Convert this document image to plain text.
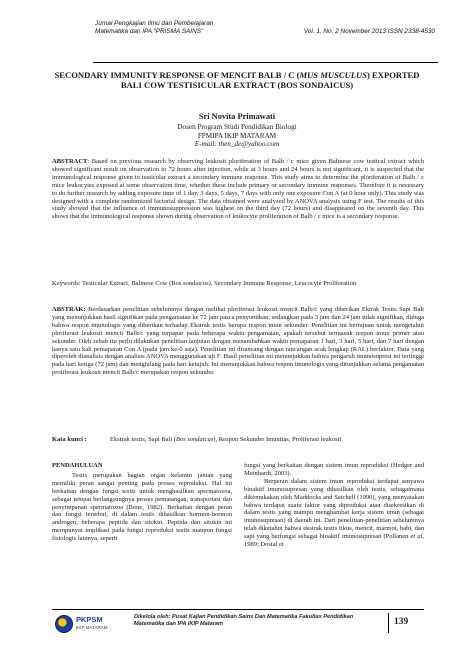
Jurnal Pengkajian Ilmu dan Pembelajaran
Matematika dan IPA “PRISMA SAINS”	Vol. 1. No. 2 November 2013 ISSN 2338-4530
SECONDARY IMMUNITY RESPONSE OF MENCIT BALB / C (MUS MUSCULUS) EXPORTED BALI COW TESTISICULAR EXTRACT (BOS SONDAICUS)
Sri Novita Primawati
Dosen Program Studi Pendidikan Biologi
FPMIPA IKIP MATARAM
E-mail: then_de@yahoo.com
ABSTRACT: Based on previous research by observing leukosit ploriferation of Balb / c mice given Balinese cow testical extract which showed significant result on observation to 72 hours after injection, while at 3 hours and 24 hours is not significant, it is suspected that the immunological response given to testicular extract a secondary immune response. This study aims to determine the ploriferation of Balb / c mice leukocytes exposed at some observation time, whether these include primary or secondary immune responses. Therefore it is necessary to do further research by adding exposure time of 1 day, 3 days, 5 days, 7 days with only one exposure Con A (at 0 hour only). This study was designed with a complete randomized factorial design. The data obtained were analyzed by ANOVA analysis using F test. The results of this study showed that the influence of immunosuppression was highest on the third day (72 hours) and disappeared on the seventh day. This shows that the immunological response shown during observation of leukocyte proliferation of Balb / c mice is a secondary response.
Keywords: Testicular Extract, Balinese Cow (Bos sondaicus), Secondary Immune Response, Leucocyte Proliferation
ABSTRAK: Berdasarkan penelitian sebelumnya dengan melihat ploriferasi leukosit mencit Balb/c yang diberikan Ektrak Testis Sapi Bali yang menunjukkan hasil signifikan pada pengamatan ke 72 jam pasca penyuntikan, sedangkan pada 3 jam dan 24 jam tidak signifikan, diduga bahwa respon imunologis yang diberikan terhadap Ekstrak testis berupa respon imun sekunder. Penelitian ini bertujuan untuk mengetahui ploriferasi leukosit mencit Balb/c yang terpapar pada beberapa waktu pengamatan, apakah tersebut termasuk respon imun primer atau sekunder. Oleh sebab itu perlu dilakukan penelitian lanjutan dengan menambahkan waktu pemaparan 1 hari, 3 hari, 5 hari, dan 7 hari dengan hanya satu kali pemaparan Con A (pada jam ke-0 saja). Penelitian ini dirancang dengan rancangan acak lengkap (RAL) berfaktor. Data yang diperoleh dianalisis dengan analisis ANOVA menggunakan uji F. Hasil penelitian ini menunjukkan bahwa pengaruh imunosupresi ini tertinggi pada hari ketiga (72 jam) dan menghilang pada hari ketujuh. Ini menunjukkan bahwa respon imunologis yang ditunjukkan selama pengamatan proliferasi leukosit mencit Balb/c merupakan respon sekunder.
Kata kunci :	Ekstrak testis, Sapi Bali (Bos sondaicus), Respon Sekunder Imunitas, Proliferasi leukosit
PENDAHULUAN

Testis merupakan bagian organ kelamin jantan yang memiliki peran sangat penting pada proses reproduksi. Hal ini berkaitan dengan fungsi testis untuk menghasilkan spermatozoa, sebagai tempat berlangsungnya proses pematangan, transportasi dan penyimpanan spermatozoa (Bone, 1982). Berkaitan dengan peran dan fungsi tersebut, di dalam testis dihasilkan hormon-hormon androgen, beberapa peptida dan sitokin. Peptida dan sitokin ini mempunyai implikasi pada fungsi reproduksi testis maupun fungsi fisiologis lainnya, seperti

fungsi yang berkaitan dengan sistem imun reproduksi (Hedger and Meinhardt, 2003).

Berperan dalam sistem imun reproduksi terdapat senyawa bioaktif imunosupresan yang dihasilkan oleh testis, sebagaimana dikemukakan oleh Maddocks and Setchell (1990), yang menyatakan bahwa terdapat suatu faktor yang diproduksi atau disekresikan di dalam testis yang mampu menghambat kerja sistem imun (sebagai imunosupresan) di daerah ini. Dari penelitian-penelitian sebelumnya telah diketahui bahwa ekstrak testis tikus, mencit, marmot, babi, dan sapi yang berfungsi sebagai bioaktif imunosupresan (Pollanen et al, 1989; Dostal et

PKPSM
IKIP MATARAM
Dikelola oleh: Pusat Kajian Pendidikan Sains Dan Matematika Fakultas Pendidikan Matematika dan IPA IKIP Mataram	139
